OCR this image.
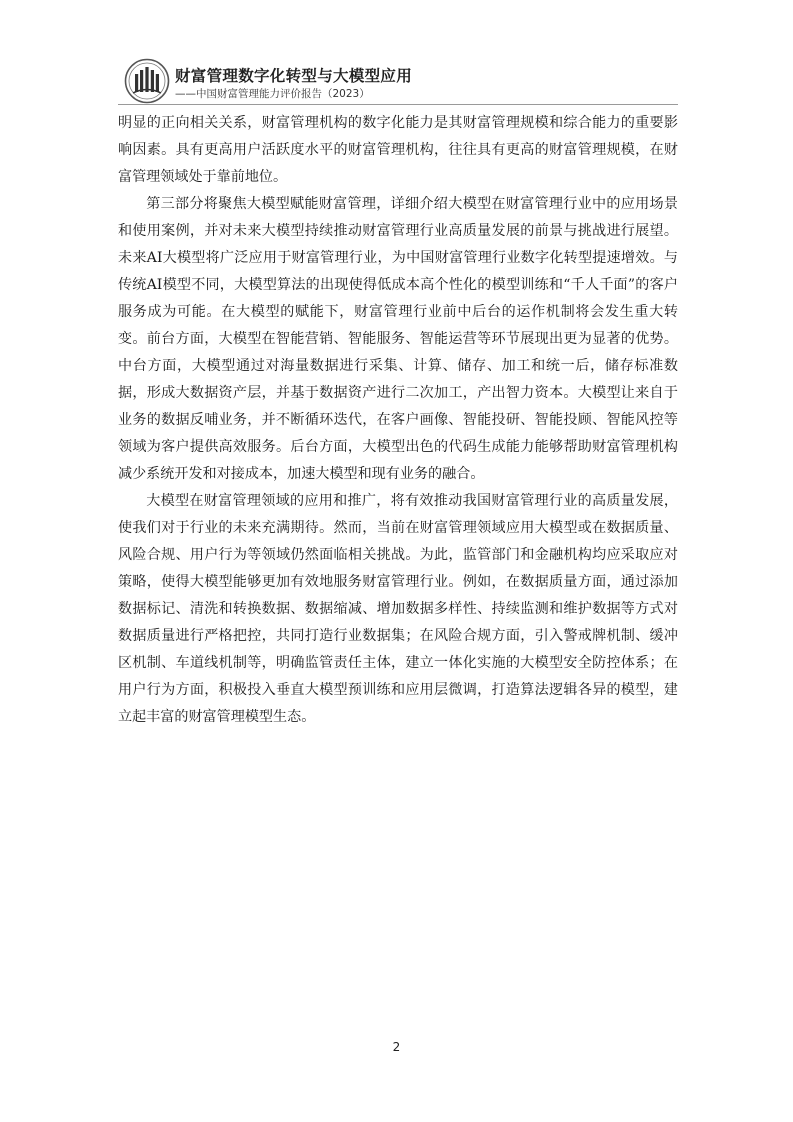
财富管理数字化转型与大模型应用
——中国财富管理能力评价报告（2023）

明显的正向相关关系，财富管理机构的数字化能力是其财富管理规模和综合能力的重要影响因素。具有更高用户活跃度水平的财富管理机构，往往具有更高的财富管理规模，在财富管理领域处于靠前地位。

第三部分将聚焦大模型赋能财富管理，详细介绍大模型在财富管理行业中的应用场景和使用案例，并对未来大模型持续推动财富管理行业高质量发展的前景与挑战进行展望。未来AI大模型将广泛应用于财富管理行业，为中国财富管理行业数字化转型提速增效。与传统AI模型不同，大模型算法的出现使得低成本高个性化的模型训练和“千人千面”的客户服务成为可能。在大模型的赋能下，财富管理行业前中后台的运作机制将会发生重大转变。前台方面，大模型在智能营销、智能服务、智能运营等环节展现出更为显著的优势。中台方面，大模型通过对海量数据进行采集、计算、储存、加工和统一后，储存标准数据，形成大数据资产层，并基于数据资产进行二次加工，产出智力资本。大模型让来自于业务的数据反哺业务，并不断循环迭代，在客户画像、智能投研、智能投顾、智能风控等领域为客户提供高效服务。后台方面，大模型出色的代码生成能力能够帮助财富管理机构减少系统开发和对接成本，加速大模型和现有业务的融合。

大模型在财富管理领域的应用和推广，将有效推动我国财富管理行业的高质量发展，使我们对于行业的未来充满期待。然而，当前在财富管理领域应用大模型或在数据质量、风险合规、用户行为等领域仍然面临相关挑战。为此，监管部门和金融机构均应采取应对策略，使得大模型能够更加有效地服务财富管理行业。例如，在数据质量方面，通过添加数据标记、清洗和转换数据、数据缩减、增加数据多样性、持续监测和维护数据等方式对数据质量进行严格把控，共同打造行业数据集；在风险合规方面，引入警戒牌机制、缓冲区机制、车道线机制等，明确监管责任主体，建立一体化实施的大模型安全防控体系；在用户行为方面，积极投入垂直大模型预训练和应用层微调，打造算法逻辑各异的模型，建立起丰富的财富管理模型生态。

2
